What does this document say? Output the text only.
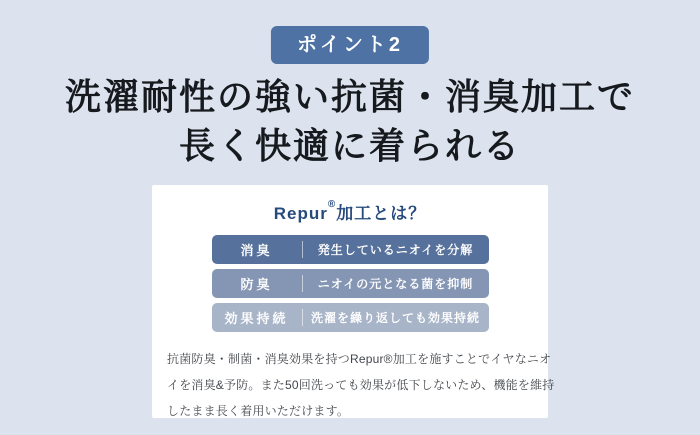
ポイント2
洗濯耐性の強い抗菌・消臭加工で
長く快適に着られる
Repur®加工とは？
消臭	発生しているニオイを分解
防臭	ニオイの元となる菌を抑制
効果持続	洗濯を繰り返しても効果持続

抗菌防臭・制菌・消臭効果を持つRepur®加工を施すことでイヤなニオ
イを消臭&予防。また50回洗っても効果が低下しないため、機能を維持
したまま長く着用いただけます。
